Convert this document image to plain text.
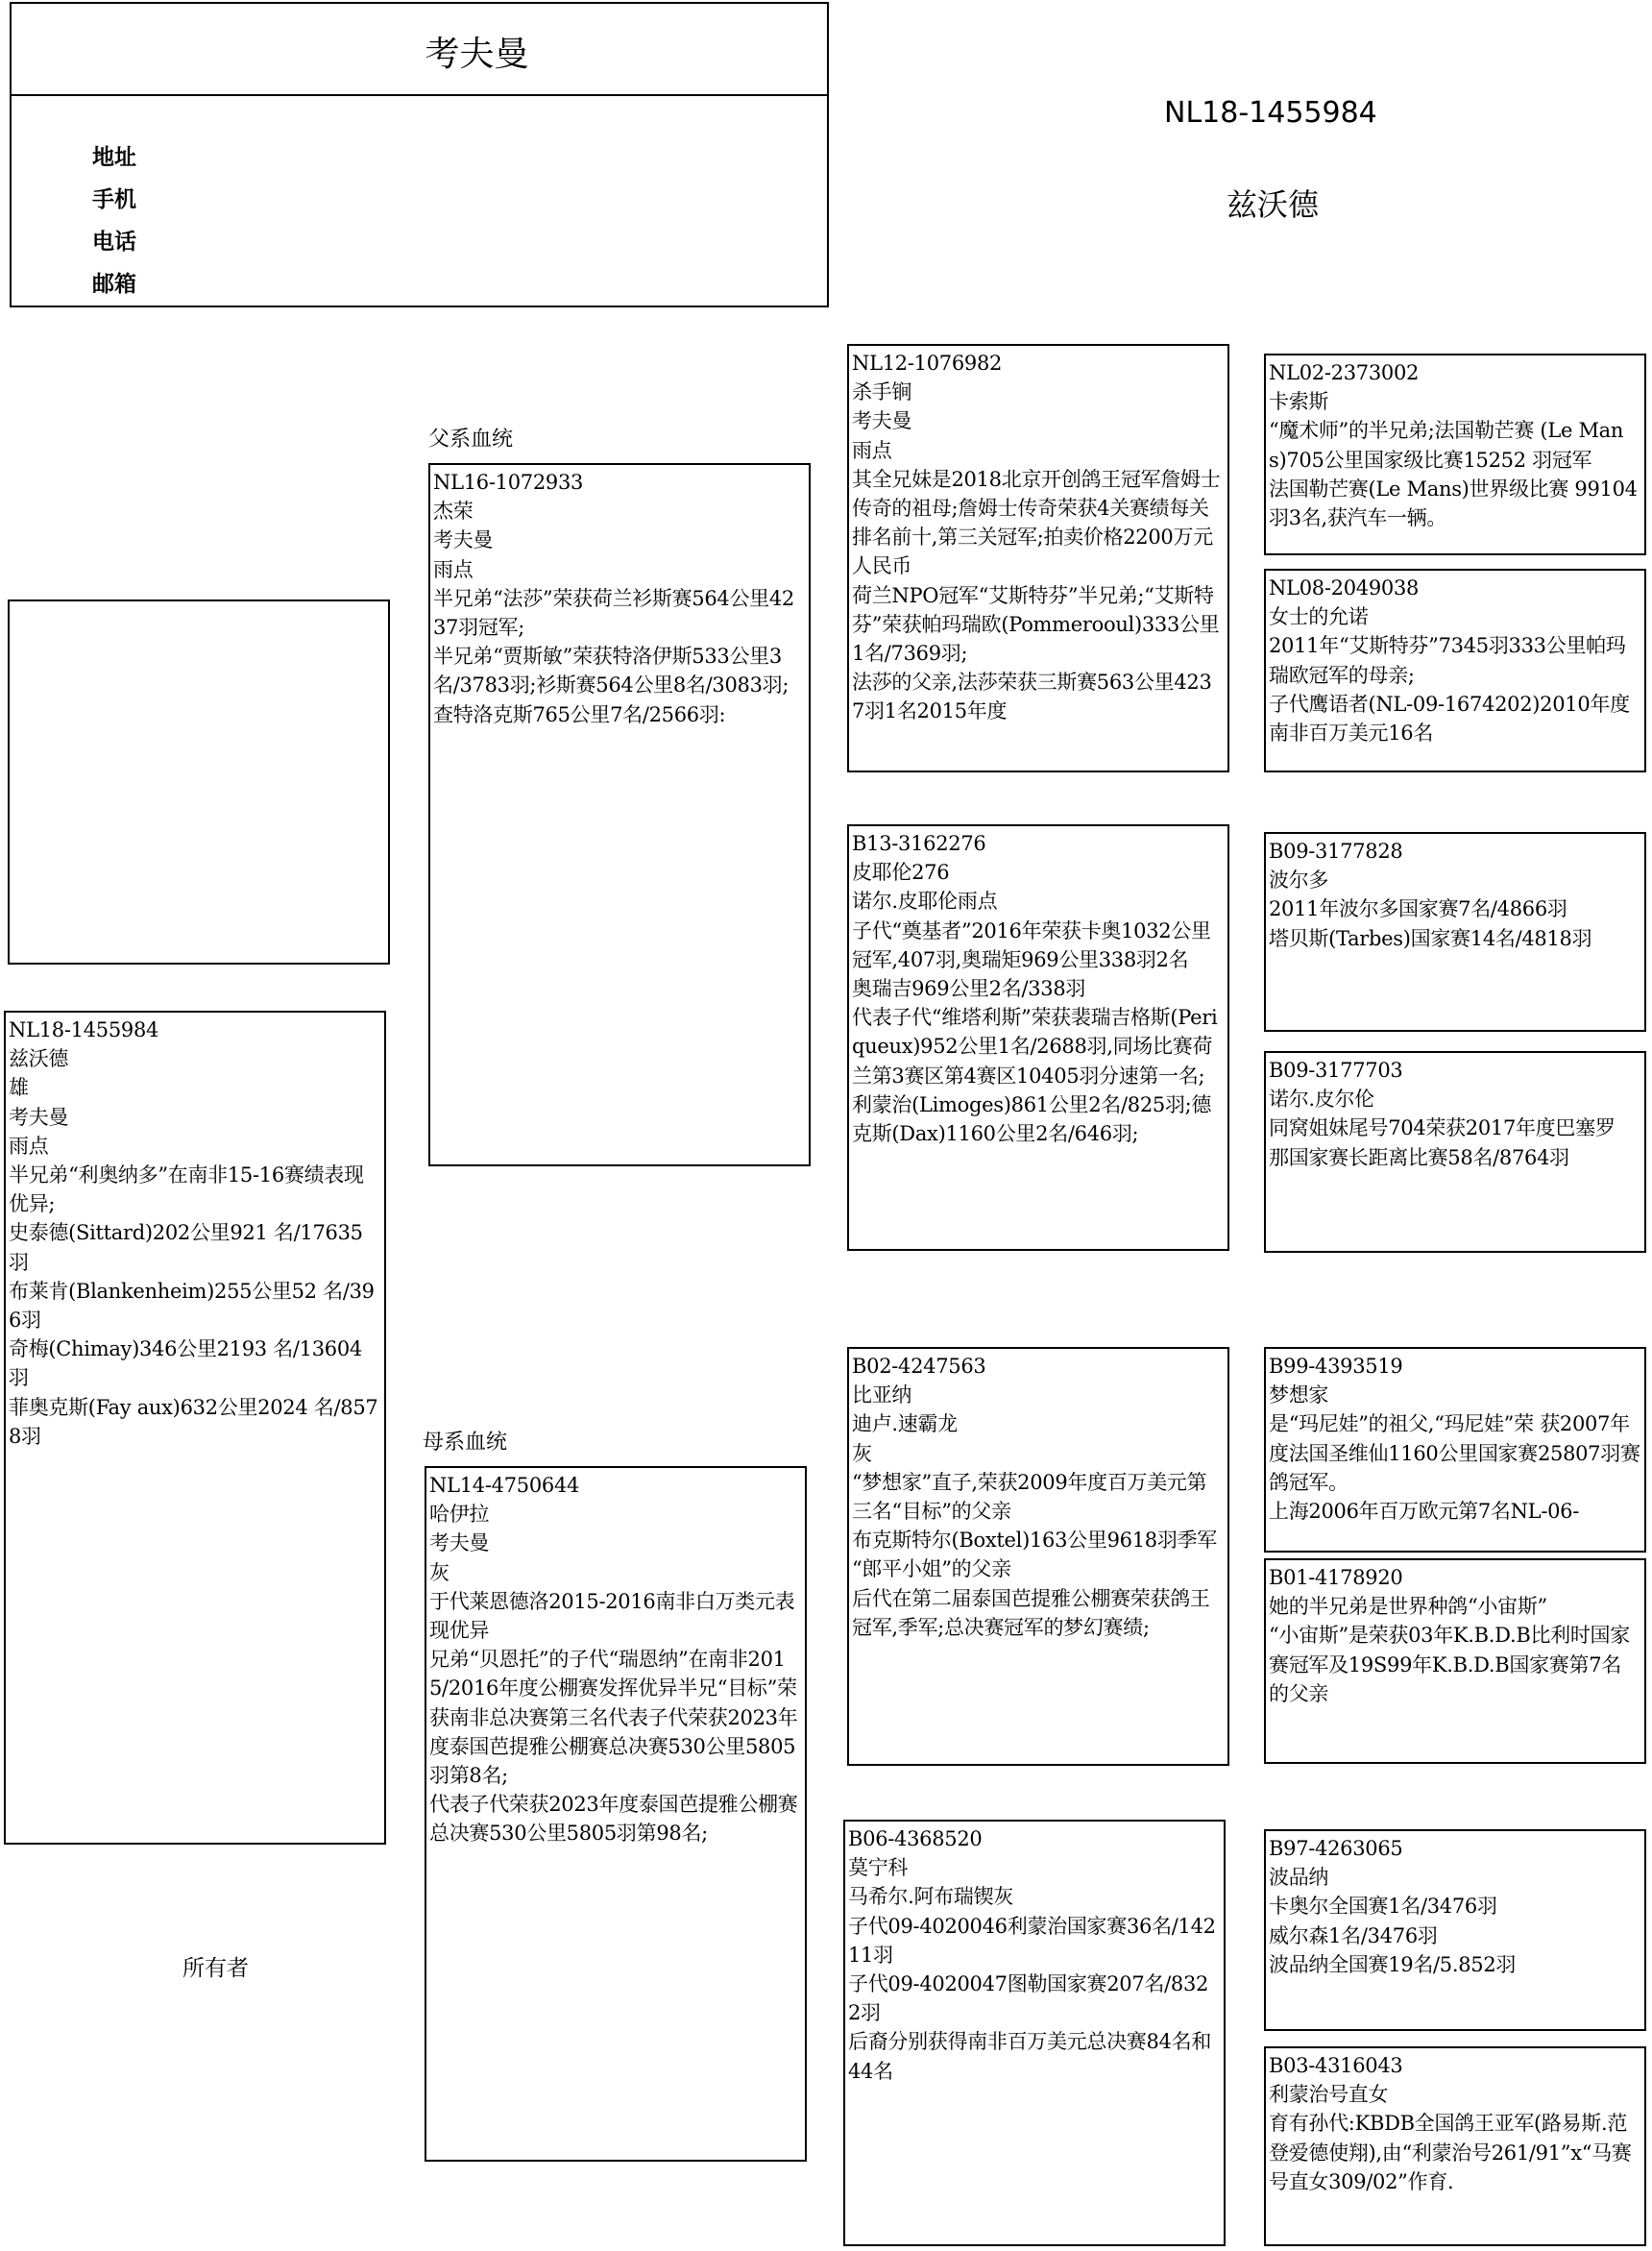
考夫曼
地址
手机
电话
邮箱
NL18-1455984
兹沃德
父系血统
母系血统
所有者
NL18-1455984
兹沃德
雄
考夫曼
雨点
半兄弟“利奥纳多”在南非15-16赛绩表现优异;
史泰德(Sittard)202公里921 名/17635羽
布莱肯(Blankenheim)255公里52 名/396羽
奇梅(Chimay)346公里2193 名/13604羽
菲奥克斯(Fay aux)632公里2024 名/8578羽
NL16-1072933
杰荣
考夫曼
雨点
半兄弟“法莎”荣获荷兰衫斯赛564公里4237羽冠军;
半兄弟“贾斯敏”荣获特洛伊斯533公里3名/3783羽;衫斯赛564公里8名/3083羽;查特洛克斯765公里7名/2566羽:
NL14-4750644
哈伊拉
考夫曼
灰
于代莱恩德洛2015-2016南非白万类元表现优异
兄弟“贝恩托”的子代“瑞恩纳”在南非2015/2016年度公棚赛发挥优异半兄“目标”荣获南非总决赛第三名代表子代荣获2023年度泰国芭提雅公棚赛总决赛530公里5805羽第8名;
代表子代荣获2023年度泰国芭提雅公棚赛总决赛530公里5805羽第98名;
NL12-1076982
杀手锏
考夫曼
雨点
其全兄妹是2018北京开创鸽王冠军詹姆士传奇的祖母;詹姆士传奇荣获4关赛绩每关排名前十,第三关冠军;拍卖价格2200万元人民币
荷兰NPO冠军“艾斯特芬”半兄弟;“艾斯特芬”荣获帕玛瑞欧(Pommerooul)333公里1名/7369羽;
法莎的父亲,法莎荣获三斯赛563公里4237羽1名2015年度
B13-3162276
皮耶伦276
诺尔.皮耶伦雨点
子代“奠基者”2016年荣获卡奥1032公里冠军,407羽,奥瑞矩969公里338羽2名
奥瑞吉969公里2名/338羽
代表子代“维塔利斯”荣获裴瑞吉格斯(Periqueux)952公里1名/2688羽,同场比赛荷兰第3赛区第4赛区10405羽分速第一名;利蒙治(Limoges)861公里2名/825羽;德克斯(Dax)1160公里2名/646羽;
B02-4247563
比亚纳
迪卢.速霸龙
灰
“梦想家”直子,荣获2009年度百万美元第三名“目标”的父亲
布克斯特尔(Boxtel)163公里9618羽季军
“郎平小姐”的父亲
后代在第二届泰国芭提雅公棚赛荣获鸽王冠军,季军;总决赛冠军的梦幻赛绩;
B06-4368520
莫宁科
马希尔.阿布瑞锲灰
子代09-4020046利蒙治国家赛36名/14211羽
子代09-4020047图勒国家赛207名/8322羽
后裔分别获得南非百万美元总决赛84名和44名
NL02-2373002
卡索斯
“魔术师”的半兄弟;法国勒芒赛 (Le Mans)705公里国家级比赛15252 羽冠军
法国勒芒赛(Le Mans)世界级比赛 99104羽3名,获汽车一辆。
NL08-2049038
女士的允诺
2011年“艾斯特芬”7345羽333公里帕玛瑞欧冠军的母亲;
子代鹰语者(NL-09-1674202)2010年度南非百万美元16名
B09-3177828
波尔多
2011年波尔多国家赛7名/4866羽
塔贝斯(Tarbes)国家赛14名/4818羽
B09-3177703
诺尔.皮尔伦
同窝姐妹尾号704荣获2017年度巴塞罗 那国家赛长距离比赛58名/8764羽
B99-4393519
梦想家
是“玛尼娃”的祖父,“玛尼娃”荣 获2007年度法国圣维仙1160公里国家赛25807羽赛鸽冠军。
上海2006年百万欧元第7名NL-06-
B01-4178920
她的半兄弟是世界种鸽“小宙斯”
“小宙斯”是荣获03年K.B.D.B比利时国家赛冠军及19S99年K.B.D.B国家赛第7名的父亲
B97-4263065
波品纳
卡奥尔全国赛1名/3476羽
威尔森1名/3476羽
波品纳全国赛19名/5.852羽
B03-4316043
利蒙治号直女
育有孙代:KBDB全国鸽王亚军(路易斯.范登爱德使翔),由“利蒙治号261/91”x“马赛号直女309/02”作育.
